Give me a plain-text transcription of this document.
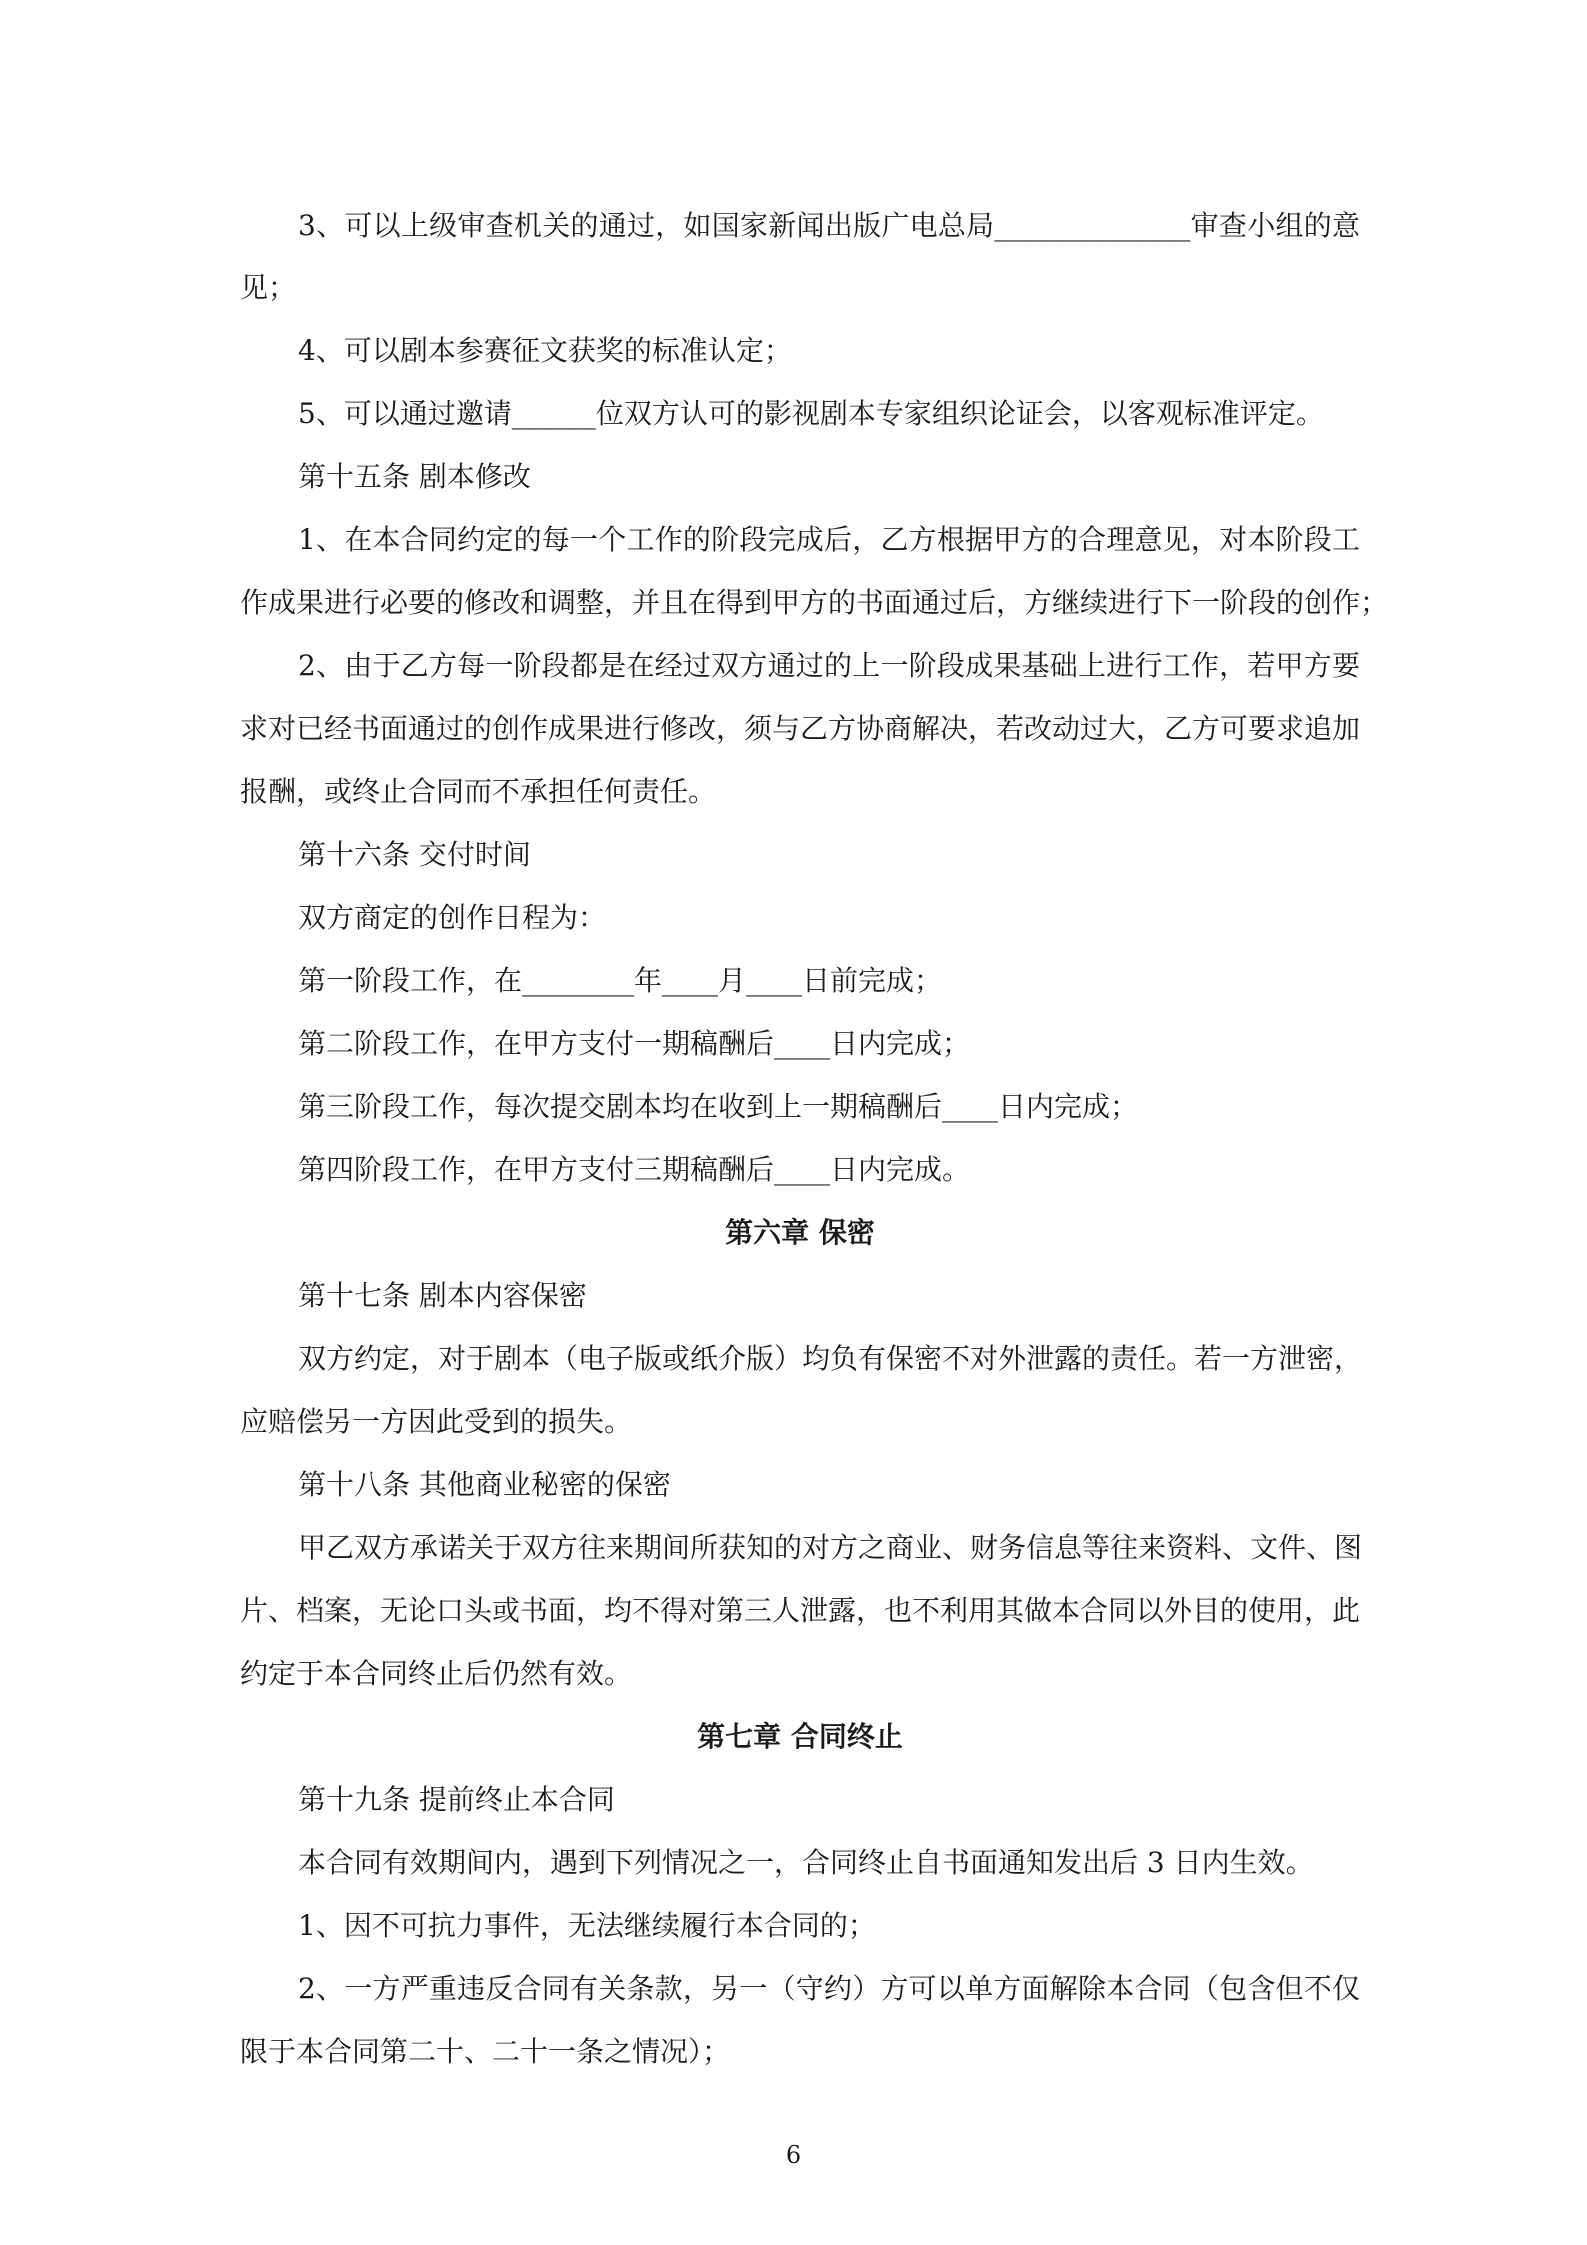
3、可以上级审查机关的通过，如国家新闻出版广电总局______________审查小组的意
见；
4、可以剧本参赛征文获奖的标准认定；
5、可以通过邀请______位双方认可的影视剧本专家组织论证会，以客观标准评定。
第十五条 剧本修改
1、在本合同约定的每一个工作的阶段完成后，乙方根据甲方的合理意见，对本阶段工
作成果进行必要的修改和调整，并且在得到甲方的书面通过后，方继续进行下一阶段的创作；
2、由于乙方每一阶段都是在经过双方通过的上一阶段成果基础上进行工作，若甲方要
求对已经书面通过的创作成果进行修改，须与乙方协商解决，若改动过大，乙方可要求追加
报酬，或终止合同而不承担任何责任。
第十六条 交付时间
双方商定的创作日程为：
第一阶段工作，在________年____月____日前完成；
第二阶段工作，在甲方支付一期稿酬后____日内完成；
第三阶段工作，每次提交剧本均在收到上一期稿酬后____日内完成；
第四阶段工作，在甲方支付三期稿酬后____日内完成。
第六章 保密
第十七条 剧本内容保密
双方约定，对于剧本（电子版或纸介版）均负有保密不对外泄露的责任。若一方泄密，
应赔偿另一方因此受到的损失。
第十八条 其他商业秘密的保密
甲乙双方承诺关于双方往来期间所获知的对方之商业、财务信息等往来资料、文件、图
片、档案，无论口头或书面，均不得对第三人泄露，也不利用其做本合同以外目的使用，此
约定于本合同终止后仍然有效。
第七章 合同终止
第十九条 提前终止本合同
本合同有效期间内，遇到下列情况之一，合同终止自书面通知发出后 3 日内生效。
1、因不可抗力事件，无法继续履行本合同的；
2、一方严重违反合同有关条款，另一（守约）方可以单方面解除本合同（包含但不仅
限于本合同第二十、二十一条之情况）；
6
